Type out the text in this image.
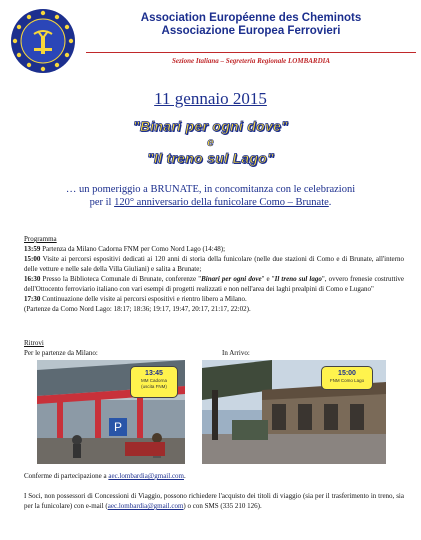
Association Européenne des Cheminots
Associazione Europea Ferrovieri
Sezione Italiana – Segreteria Regionale LOMBARDIA
11 gennaio 2015
"Binari per ogni dove"
e
"Il treno sul Lago"
… un pomeriggio a BRUNATE, in concomitanza con le celebrazioni
per il 120° anniversario della funicolare Como – Brunate.

Programma

13:59 Partenza da Milano Cadorna FNM per Como Nord Lago (14:48);

15:00 Visite ai percorsi espositivi dedicati ai 120 anni di storia della funicolare (nelle due stazioni di Como e di Brunate, all'interno delle vetture e nelle sale della Villa Giuliani) e salita a Brunate;

16:30 Presso la Biblioteca Comunale di Brunate, conferenze "Binari per ogni dove" e "Il treno sul lago", ovvero frenesie costruttive dell'Ottocento ferroviario italiano con vari esempi di progetti realizzati e non nell'area dei laghi prealpini di Como e Lugano"

17:30 Continuazione delle visite ai percorsi espositivi e rientro libero a Milano.

(Partenze da Como Nord Lago: 18:17; 18:36; 19:17, 19:47, 20:17, 21:17, 22:02).

Ritrovi
Per le partenze da Milano:	In Arrivo:
P
13:45
MM Cadorna
(uscita FNM)
15:00
FNM Como Lago
Conferme di partecipazione a aec.lombardia@gmail.com.
I Soci, non possessori di Concessioni di Viaggio, possono richiedere l'acquisto dei titoli di viaggio (sia per il trasferimento in treno, sia per la funicolare) con e-mail (aec.lombardia@gmail.com) o con SMS (335 210 126).
